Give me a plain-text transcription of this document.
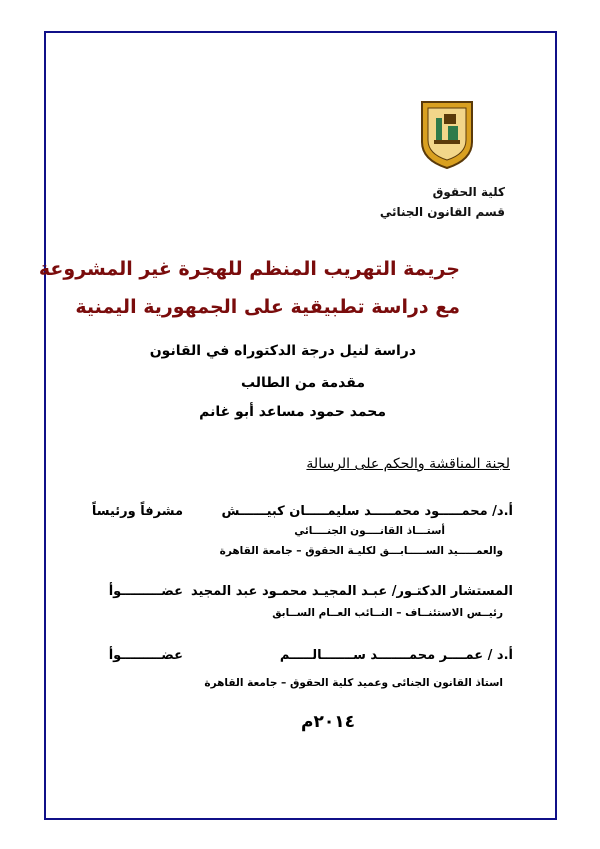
كلية الحقوق
قسم القانون الجنائي
جريمة التهريب المنظم للهجرة غير المشروعة
مع دراسة تطبيقية على الجمهورية اليمنية
دراسة لنيل درجة الدكتوراه في القانون
مقدمة من الطالب
محمد حمود مساعد أبو غانم
لجنة المناقشة والحكم على الرسالة
أ.د/ محمـــــود محمـــــد سليمـــــان كبيــــــش
مشرفاً ورئيساً
أستـــاذ القانــــون الجنــــائي
والعمـــــيد الســـــابـــق لكليـة الحقوق – جامعة القاهرة
المستشار الدكتـور/ عبـد المجيـد محمـود عبد المجيد
عضـــــــــوأ
رئيــس الاستئنــاف – النــائب العــام الســابق
أ.د / عمــــر محمـــــــد ســـــــالـــــم
عضـــــــــوأ
استاذ القانون الجنائى وعميد كلية الحقوق – جامعة القاهرة
٢٠١٤م
